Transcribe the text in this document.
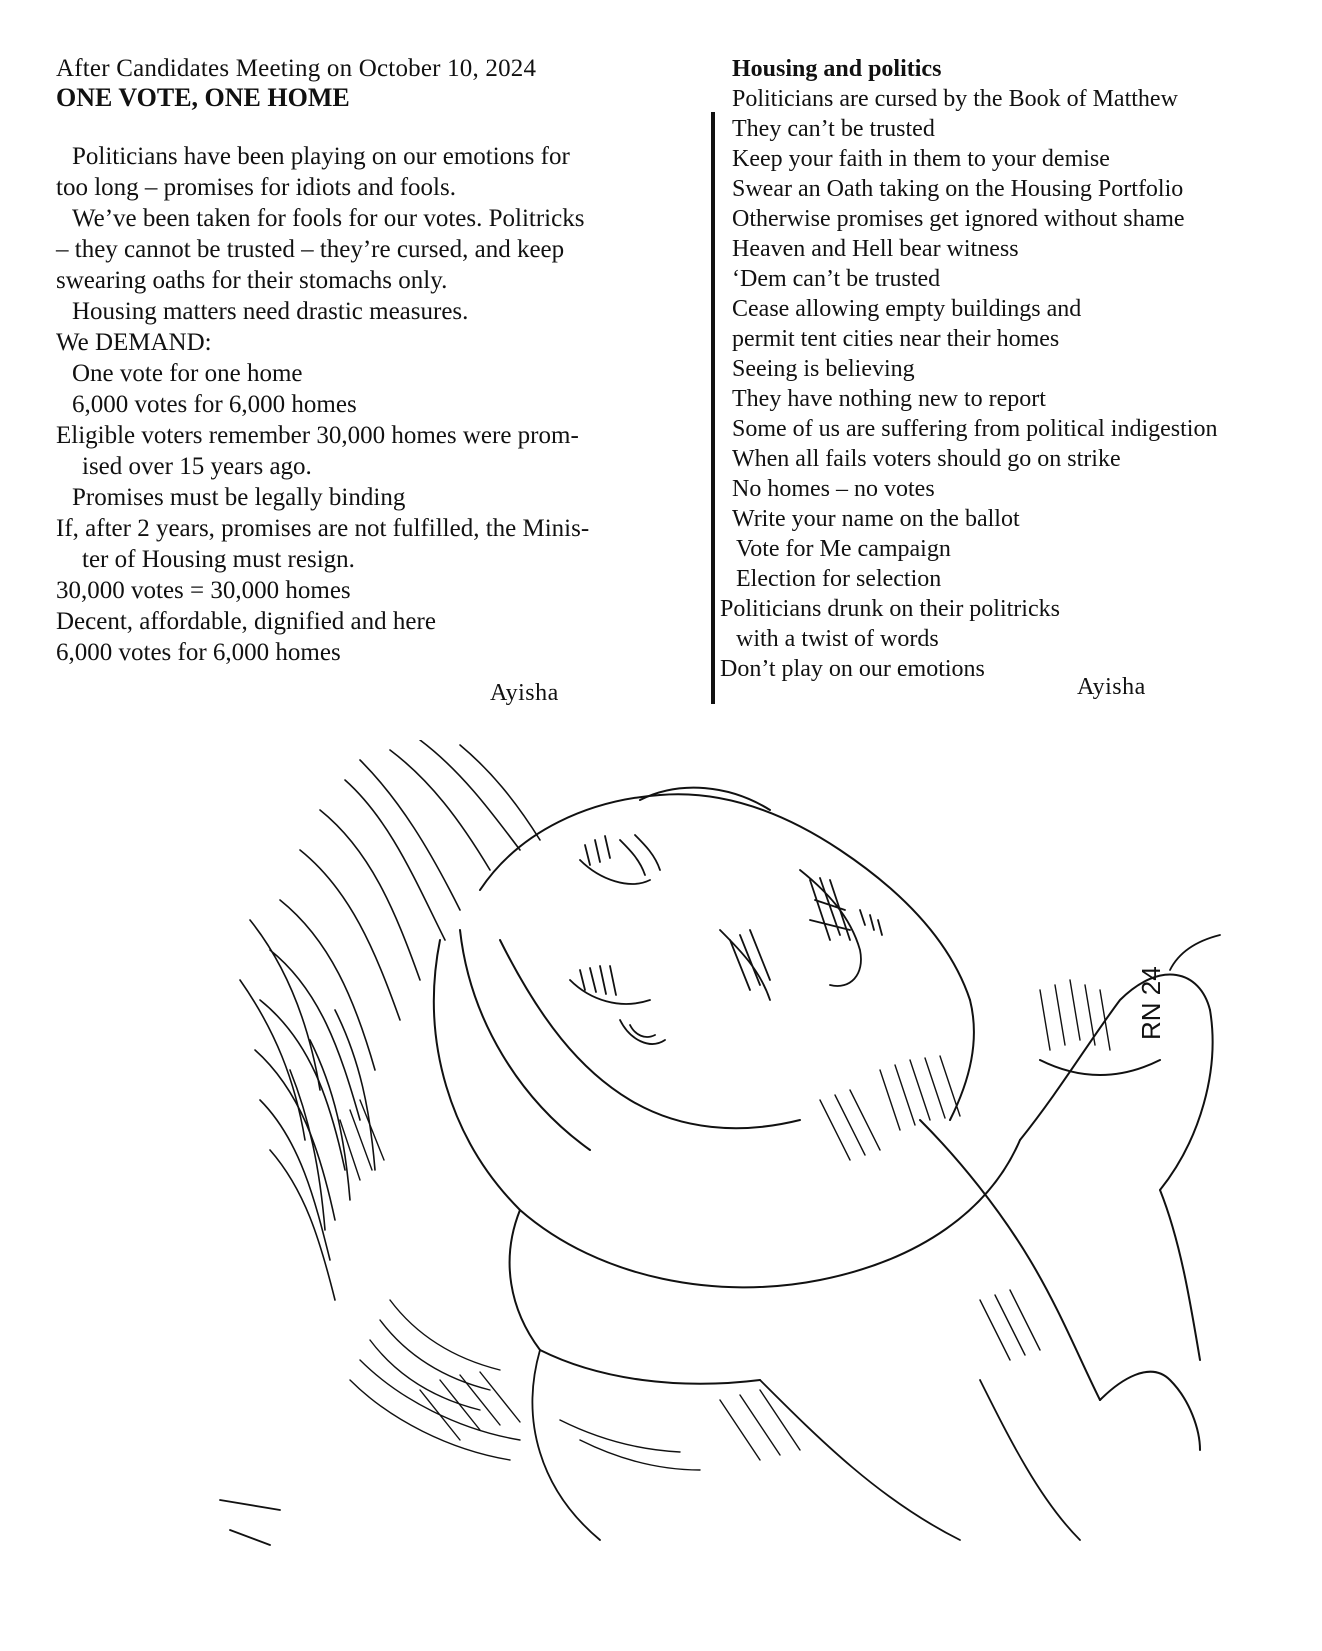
After Candidates Meeting on October 10, 2024
ONE VOTE, ONE HOME
Politicians have been playing on our emotions for
too long – promises for idiots and fools.
We’ve been taken for fools for our votes. Politricks
– they cannot be trusted – they’re cursed, and keep
swearing oaths for their stomachs only.
Housing matters need drastic measures.
We DEMAND:
One vote for one home
6,000 votes for 6,000 homes
Eligible voters remember 30,000 homes were prom-
ised over 15 years ago.
Promises must be legally binding
If, after 2 years, promises are not fulfilled, the Minis-
ter of Housing must resign.
30,000 votes = 30,000 homes
Decent, affordable, dignified and here
6,000 votes for 6,000 homes
Ayisha
Housing and politics
Politicians are cursed by the Book of Matthew
They can’t be trusted
Keep your faith in them to your demise
Swear an Oath taking on the Housing Portfolio
Otherwise promises get ignored without shame
Heaven and Hell bear witness
‘Dem can’t be trusted
Cease allowing empty buildings and
permit tent cities near their homes
Seeing is believing
They have nothing new to report
Some of us are suffering from political indigestion
When all fails voters should go on strike
No homes – no votes
Write your name on the ballot
Vote for Me campaign
Election for selection
Politicians drunk on their politricks
with a twist of words
Don’t play on our emotions
Ayisha
RN 24
